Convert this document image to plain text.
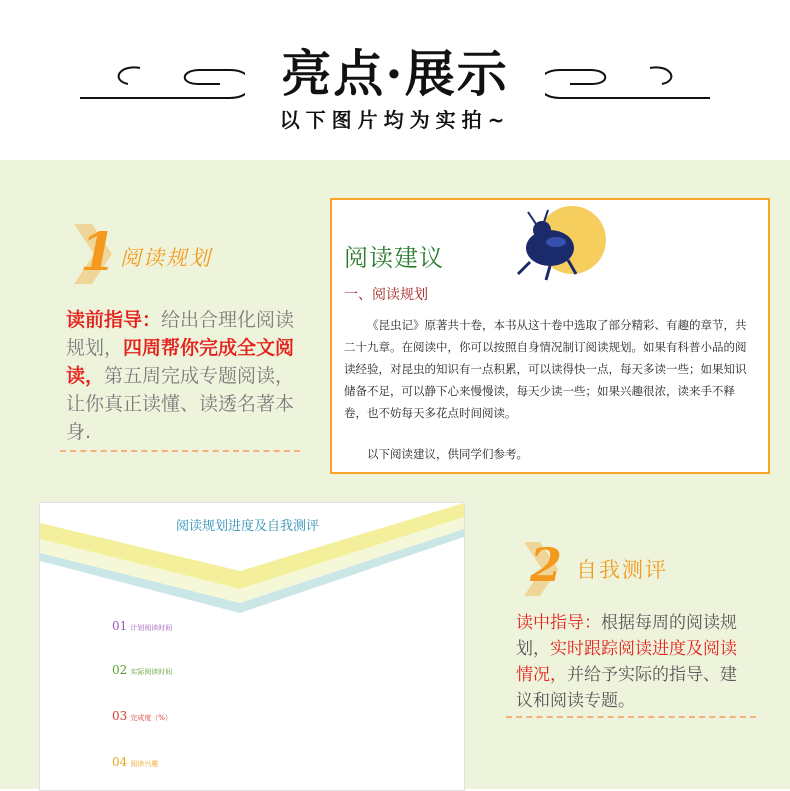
亮点·展示
以下图片均为实拍~
1 阅读规划
读前指导：给出合理化阅读规划，四周帮你完成全文阅读，第五周完成专题阅读，让你真正读懂、读透名著本身.
阅读建议
一、阅读规划

《昆虫记》原著共十卷，本书从这十卷中选取了部分精彩、有趣的章节，共二十九章。在阅读中，你可以按照自身情况制订阅读规划。如果有科普小品的阅读经验，对昆虫的知识有一点积累，可以读得快一点，每天多读一些；如果知识储备不足，可以静下心来慢慢读，每天少读一些；如果兴趣很浓，读来手不释卷，也不妨每天多花点时间阅读。

以下阅读建议，供同学们参考。

阅读规划进度及自我测评
01 计划阅读时间
02 实际阅读时间
03 完成度（%）
04 阅读兴趣
2 自我测评
读中指导：根据每周的阅读规划，实时跟踪阅读进度及阅读情况，并给予实际的指导、建议和阅读专题。
